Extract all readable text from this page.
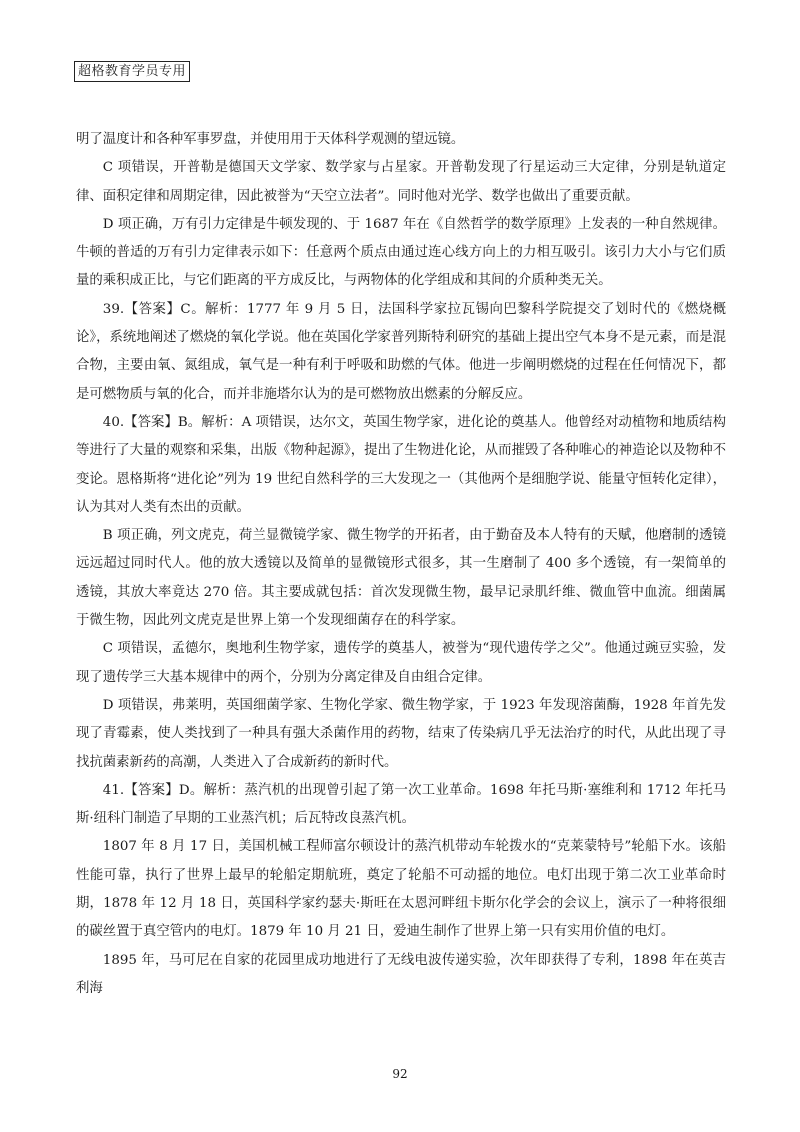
超格教育学员专用

明了温度计和各种军事罗盘，并使用用于天体科学观测的望远镜。

C 项错误，开普勒是德国天文学家、数学家与占星家。开普勒发现了行星运动三大定律，分别是轨道定律、面积定律和周期定律，因此被誉为“天空立法者”。同时他对光学、数学也做出了重要贡献。

D 项正确，万有引力定律是牛顿发现的、于 1687 年在《自然哲学的数学原理》上发表的一种自然规律。牛顿的普适的万有引力定律表示如下：任意两个质点由通过连心线方向上的力相互吸引。该引力大小与它们质量的乘积成正比，与它们距离的平方成反比，与两物体的化学组成和其间的介质种类无关。

39.【答案】C。解析：1777 年 9 月 5 日，法国科学家拉瓦锡向巴黎科学院提交了划时代的《燃烧概论》，系统地阐述了燃烧的氧化学说。他在英国化学家普列斯特利研究的基础上提出空气本身不是元素，而是混合物，主要由氧、氮组成，氧气是一种有利于呼吸和助燃的气体。他进一步阐明燃烧的过程在任何情况下，都是可燃物质与氧的化合，而并非施塔尔认为的是可燃物放出燃素的分解反应。

40.【答案】B。解析：A 项错误，达尔文，英国生物学家，进化论的奠基人。他曾经对动植物和地质结构等进行了大量的观察和采集，出版《物种起源》，提出了生物进化论，从而摧毁了各种唯心的神造论以及物种不变论。恩格斯将“进化论”列为 19 世纪自然科学的三大发现之一（其他两个是细胞学说、能量守恒转化定律），认为其对人类有杰出的贡献。

B 项正确，列文虎克，荷兰显微镜学家、微生物学的开拓者，由于勤奋及本人特有的天赋，他磨制的透镜远远超过同时代人。他的放大透镜以及简单的显微镜形式很多，其一生磨制了 400 多个透镜，有一架简单的透镜，其放大率竟达 270 倍。其主要成就包括：首次发现微生物，最早记录肌纤维、微血管中血流。细菌属于微生物，因此列文虎克是世界上第一个发现细菌存在的科学家。

C 项错误，孟德尔，奥地利生物学家，遗传学的奠基人，被誉为“现代遗传学之父”。他通过豌豆实验，发现了遗传学三大基本规律中的两个，分别为分离定律及自由组合定律。

D 项错误，弗莱明，英国细菌学家、生物化学家、微生物学家，于 1923 年发现溶菌酶，1928 年首先发现了青霉素，使人类找到了一种具有强大杀菌作用的药物，结束了传染病几乎无法治疗的时代，从此出现了寻找抗菌素新药的高潮，人类进入了合成新药的新时代。

41.【答案】D。解析：蒸汽机的出现曾引起了第一次工业革命。1698 年托马斯·塞维利和 1712 年托马斯·纽科门制造了早期的工业蒸汽机；后瓦特改良蒸汽机。

1807 年 8 月 17 日，美国机械工程师富尔顿设计的蒸汽机带动车轮拨水的“克莱蒙特号”轮船下水。该船性能可靠，执行了世界上最早的轮船定期航班，奠定了轮船不可动摇的地位。电灯出现于第二次工业革命时期，1878 年 12 月 18 日，英国科学家约瑟夫·斯旺在太恩河畔纽卡斯尔化学会的会议上，演示了一种将很细的碳丝置于真空管内的电灯。1879 年 10 月 21 日，爱迪生制作了世界上第一只有实用价值的电灯。

1895 年，马可尼在自家的花园里成功地进行了无线电波传递实验，次年即获得了专利，1898 年在英吉利海

92
